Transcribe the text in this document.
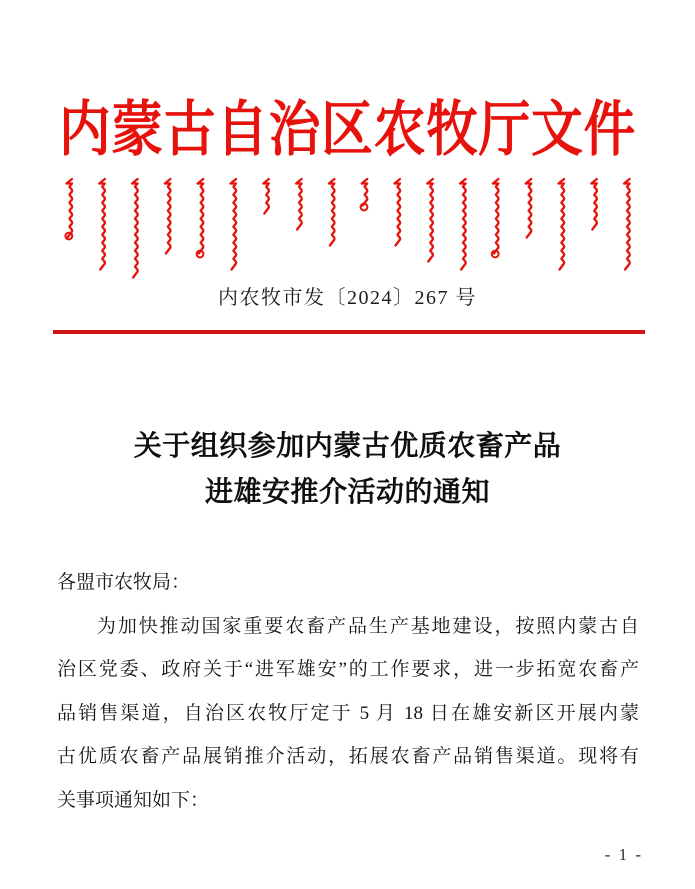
内蒙古自治区农牧厅文件
内农牧市发〔2024〕267 号
关于组织参加内蒙古优质农畜产品
进雄安推介活动的通知
各盟市农牧局：
为加快推动国家重要农畜产品生产基地建设，按照内蒙古自
治区党委、政府关于“进军雄安”的工作要求，进一步拓宽农畜产
品销售渠道，自治区农牧厅定于 5 月 18 日在雄安新区开展内蒙
古优质农畜产品展销推介活动，拓展农畜产品销售渠道。现将有
关事项通知如下：
- 1 -
